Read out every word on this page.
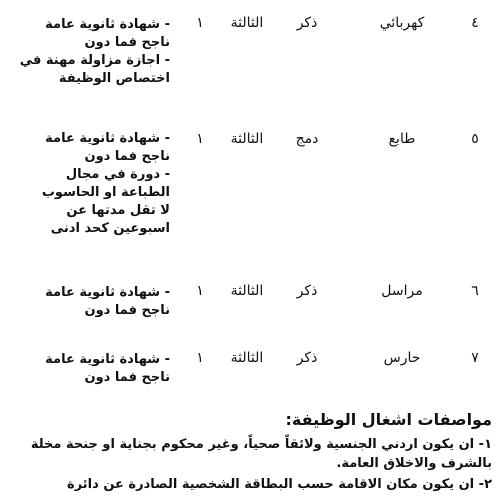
٤
كهربائي
ذكر
الثالثة
١
- شهادة ثانوية عامة
ناجح فما دون
- اجازة مزاولة مهنة في
اختصاص الوظيفة
٥
طابع
دمج
الثالثة
١
- شهادة ثانوية عامة
ناجح فما دون
- دورة في مجال
الطباعة او الحاسوب
لا تقل مدتها عن
اسبوعين كحد ادنى
٦
مراسل
ذكر
الثالثة
١
- شهادة ثانوية عامة
ناجح فما دون
٧
حارس
ذكر
الثالثة
١
- شهادة ثانوية عامة
ناجح فما دون
مواصفات اشغال الوظيفة:
١- ان يكون اردني الجنسية ولائقاً صحياً، وغير محكوم بجناية او جنحة مخلة
بالشرف والاخلاق العامة.
٢- ان يكون مكان الاقامة حسب البطاقة الشخصية الصادرة عن دائرة
